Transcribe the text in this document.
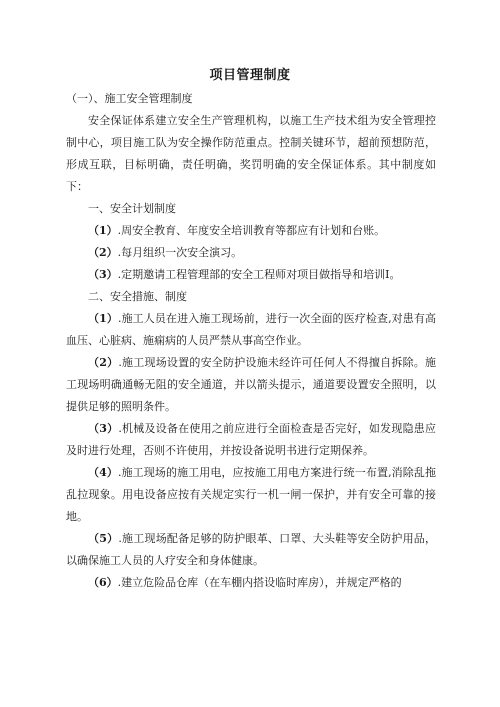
项目管理制度

（一）、施工安全管理制度

安全保证体系建立安全生产管理机构，以施工生产技术组为安全管理控制中心，项目施工队为安全操作防范重点。控制关键环节，超前预想防范，形成互联，目标明确，责任明确，奖罚明确的安全保证体系。其中制度如下：

一、安全计划制度

（1）.周安全教育、年度安全培训教育等都应有计划和台账。

（2）.每月组织一次安全演习。

（3）.定期邀请工程管理部的安全工程师对项目做指导和培训I。

二、安全措施、制度

（1）.施工人员在进入施工现场前，进行一次全面的医疗检查,对患有高血压、心脏病、施痫病的人员严禁从事高空作业。

（2）.施工现场设置的安全防护设施未经许可任何人不得擅自拆除。施工现场明确通畅无阻的安全通道，并以箭头提示，通道要设置安全照明，以提供足够的照明条件。

（3）.机械及设备在使用之前应进行全面检查是否完好，如发现隐患应及时进行处理，否则不许使用，并按设备说明书进行定期保养。

（4）.施工现场的施工用电，应按施工用电方案进行统一布置,消除乱拖乱拉现象。用电设备应按有关规定实行一机一闸一保护，并有安全可靠的接地。

（5）.施工现场配备足够的防护眼革、口罩、大头鞋等安全防护用品，以确保施工人员的人疗安全和身体健康。

（6）.建立危险品仓库（在车棚内搭设临时库房），并规定严格的
